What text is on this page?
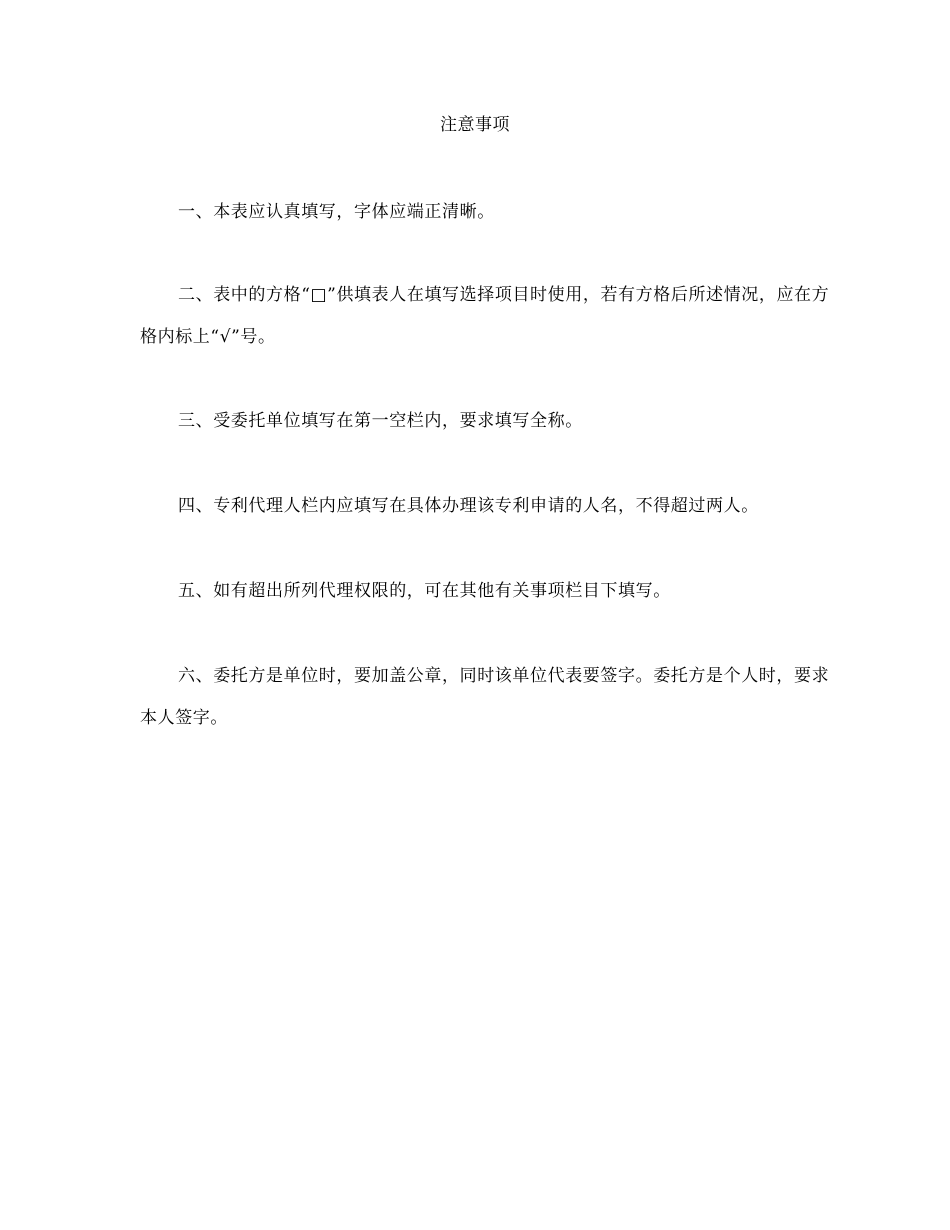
注意事项

一、本表应认真填写，字体应端正清晰。

二、表中的方格“□”供填表人在填写选择项目时使用，若有方格后所述情况，应在方格内标上“√”号。

三、受委托单位填写在第一空栏内，要求填写全称。

四、专利代理人栏内应填写在具体办理该专利申请的人名，不得超过两人。

五、如有超出所列代理权限的，可在其他有关事项栏目下填写。

六、委托方是单位时，要加盖公章，同时该单位代表要签字。委托方是个人时，要求本人签字。
